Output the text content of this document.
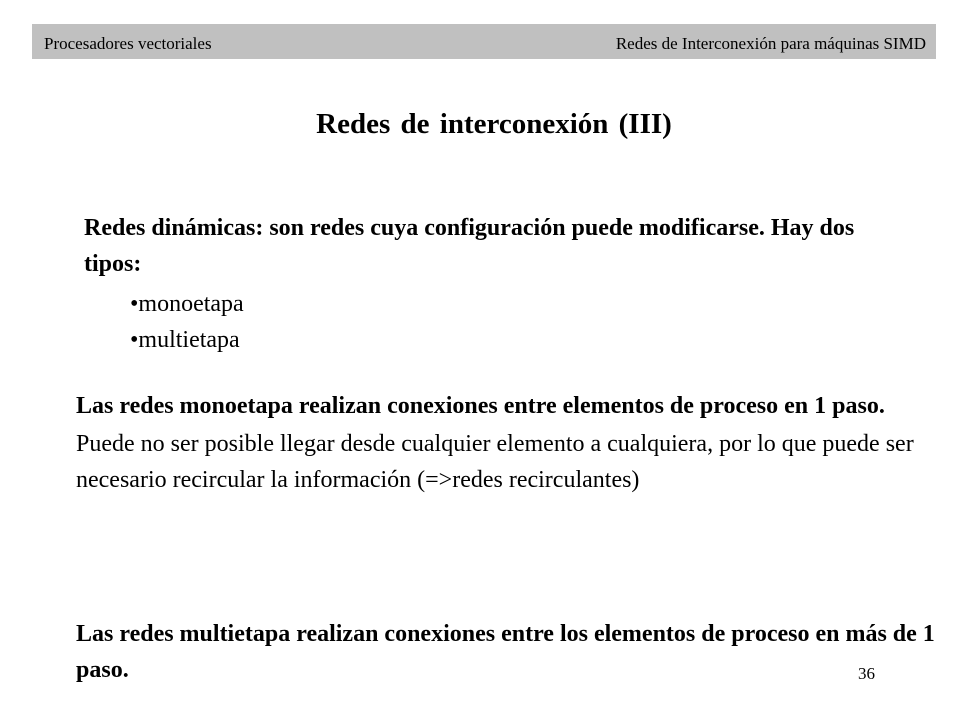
Procesadores vectoriales	Redes de Interconexión para máquinas SIMD
Redes de interconexión (III)
Redes dinámicas: son redes cuya configuración puede modificarse. Hay dos tipos:
• monoetapa
• multietapa
Las redes monoetapa realizan conexiones entre elementos de proceso en 1 paso.
Puede no ser posible llegar desde cualquier elemento a cualquiera, por lo que puede ser necesario recircular la información (=>redes recirculantes)
Las redes multietapa realizan conexiones entre los elementos de proceso en más de 1 paso.	36
